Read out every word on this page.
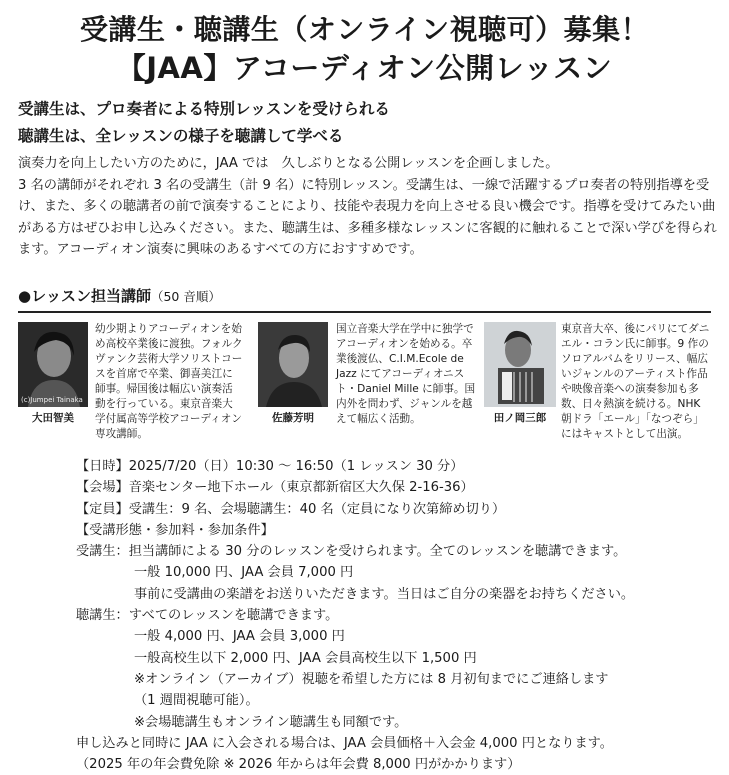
受講生・聴講生（オンライン視聴可）募集！
【JAA】アコーディオン公開レッスン
受講生は、プロ奏者による特別レッスンを受けられる
聴講生は、全レッスンの様子を聴講して学べる

演奏力を向上したい方のために，JAA では　久しぶりとなる公開レッスンを企画しました。

3 名の講師がそれぞれ 3 名の受講生（計 9 名）に特別レッスン。受講生は、一線で活躍するプロ奏者の特別指導を受け、また、多くの聴講者の前で演奏することにより、技能や表現力を向上させる良い機会です。指導を受けてみたい曲がある方はぜひお申し込みください。また、聴講生は、多種多様なレッスンに客観的に触れることで深い学びを得られます。アコーディオン演奏に興味のあるすべての方におすすめです。

●レッスン担当講師（50 音順）
(c)Jumpei Tainaka
大田智美

幼少期よりアコーディオンを始め高校卒業後に渡独。フォルクヴァンク芸術大学ソリストコースを首席で卒業、御喜美江に師事。帰国後は幅広い演奏活動を行っている。東京音楽大学付属高等学校アコーディオン専攻講師。

佐藤芳明

国立音楽大学在学中に独学でアコーディオンを始める。卒業後渡仏、C.I.M.Ecole de Jazz にてアコーディオニスト・Daniel Mille に師事。国内外を問わず、ジャンルを越えて幅広く活動。	田ノ岡三郎

東京音大卒、後にパリにてダニエル・コラン氏に師事。9 作のソロアルバムをリリース、幅広いジャンルのアーティスト作品や映像音楽への演奏参加も多数、日々熱演を続ける。NHK 朝ドラ「エール」「なつぞら」にはキャストとして出演。

【日時】2025/7/20（日）10:30 ～ 16:50（1 レッスン 30 分）
【会場】音楽センター地下ホール（東京都新宿区大久保 2-16-36）
【定員】受講生：9 名、会場聴講生：40 名（定員になり次第締め切り）
【受講形態・参加料・参加条件】
受講生：担当講師による 30 分のレッスンを受けられます。全てのレッスンを聴講できます。
一般 10,000 円、JAA 会員 7,000 円
事前に受講曲の楽譜をお送りいただきます。当日はご自分の楽器をお持ちください。
聴講生：すべてのレッスンを聴講できます。
一般 4,000 円、JAA 会員 3,000 円
一般高校生以下 2,000 円、JAA 会員高校生以下 1,500 円
※オンライン（アーカイブ）視聴を希望した方には 8 月初旬までにご連絡します
（1 週間視聴可能）。
※会場聴講生もオンライン聴講生も同額です。
申し込みと同時に JAA に入会される場合は、JAA 会員価格＋入会金 4,000 円となります。
（2025 年の年会費免除 ※ 2026 年からは年会費 8,000 円がかかります）
